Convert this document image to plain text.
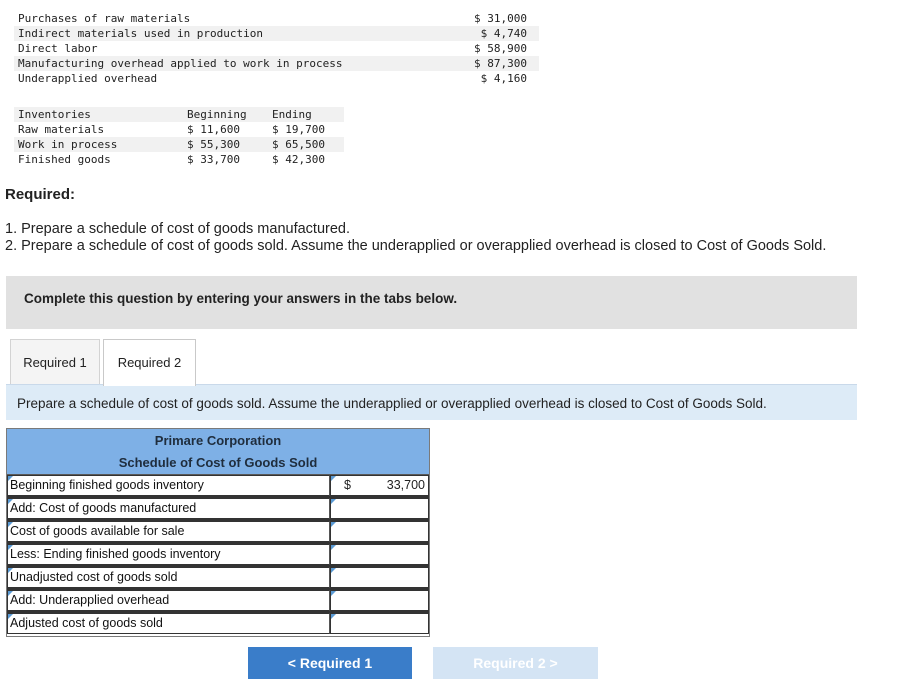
Purchases of raw materials	$ 31,000
Indirect materials used in production	$ 4,740
Direct labor	$ 58,900
Manufacturing overhead applied to work in process	$ 87,300
Underapplied overhead	$ 4,160
Inventories	Beginning Ending
Raw materials	$ 11,600	$ 19,700
Work in process	$ 55,300	$ 65,500
Finished goods	$ 33,700	$ 42,300
Required:
1. Prepare a schedule of cost of goods manufactured.
2. Prepare a schedule of cost of goods sold. Assume the underapplied or overapplied overhead is closed to Cost of Goods Sold.
Complete this question by entering your answers in the tabs below.
Required 1	Required 2
Prepare a schedule of cost of goods sold. Assume the underapplied or overapplied overhead is closed to Cost of Goods Sold.
Primare Corporation
Schedule of Cost of Goods Sold
Beginning finished goods inventory	$	33,700
Add: Cost of goods manufactured
Cost of goods available for sale
Less: Ending finished goods inventory
Unadjusted cost of goods sold
Add: Underapplied overhead
Adjusted cost of goods sold
< Required 1	Required 2 >
